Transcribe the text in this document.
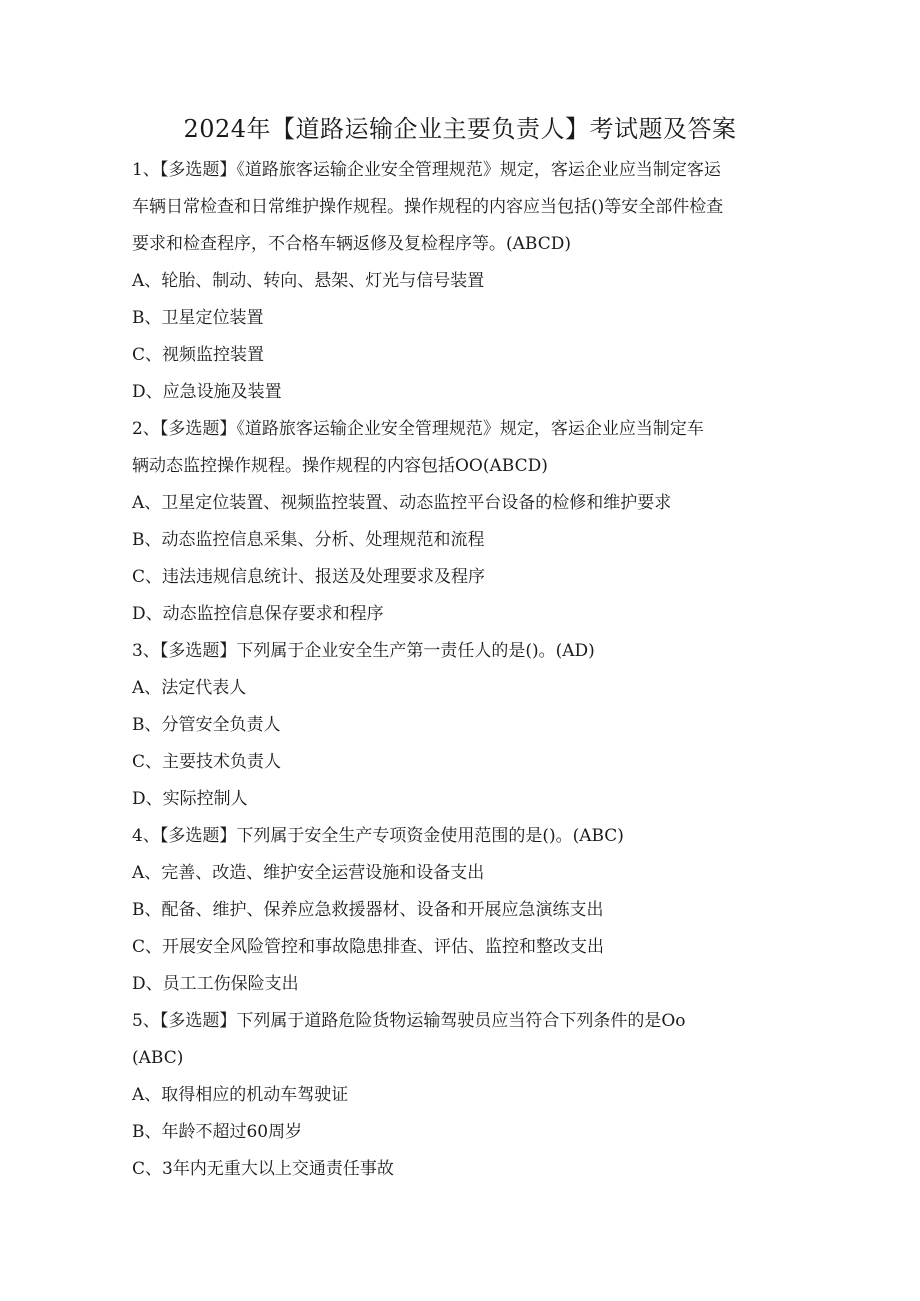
2024年【道路运输企业主要负责人】考试题及答案

1、【多选题】《道路旅客运输企业安全管理规范》规定，客运企业应当制定客运
车辆日常检查和日常维护操作规程。操作规程的内容应当包括()等安全部件检查
要求和检查程序，不合格车辆返修及复检程序等。(ABCD)

A、轮胎、制动、转向、悬架、灯光与信号装置

B、卫星定位装置

C、视频监控装置

D、应急设施及装置

2、【多选题】《道路旅客运输企业安全管理规范》规定，客运企业应当制定车
辆动态监控操作规程。操作规程的内容包括OO(ABCD)

A、卫星定位装置、视频监控装置、动态监控平台设备的检修和维护要求

B、动态监控信息采集、分析、处理规范和流程

C、违法违规信息统计、报送及处理要求及程序

D、动态监控信息保存要求和程序

3、【多选题】下列属于企业安全生产第一责任人的是()。(AD)

A、法定代表人

B、分管安全负责人

C、主要技术负责人

D、实际控制人

4、【多选题】下列属于安全生产专项资金使用范围的是()。(ABC)

A、完善、改造、维护安全运营设施和设备支出

B、配备、维护、保养应急救援器材、设备和开展应急演练支出

C、开展安全风险管控和事故隐患排查、评估、监控和整改支出

D、员工工伤保险支出

5、【多选题】下列属于道路危险货物运输驾驶员应当符合下列条件的是Oo
(ABC)

A、取得相应的机动车驾驶证

B、年龄不超过60周岁

C、3年内无重大以上交通责任事故
